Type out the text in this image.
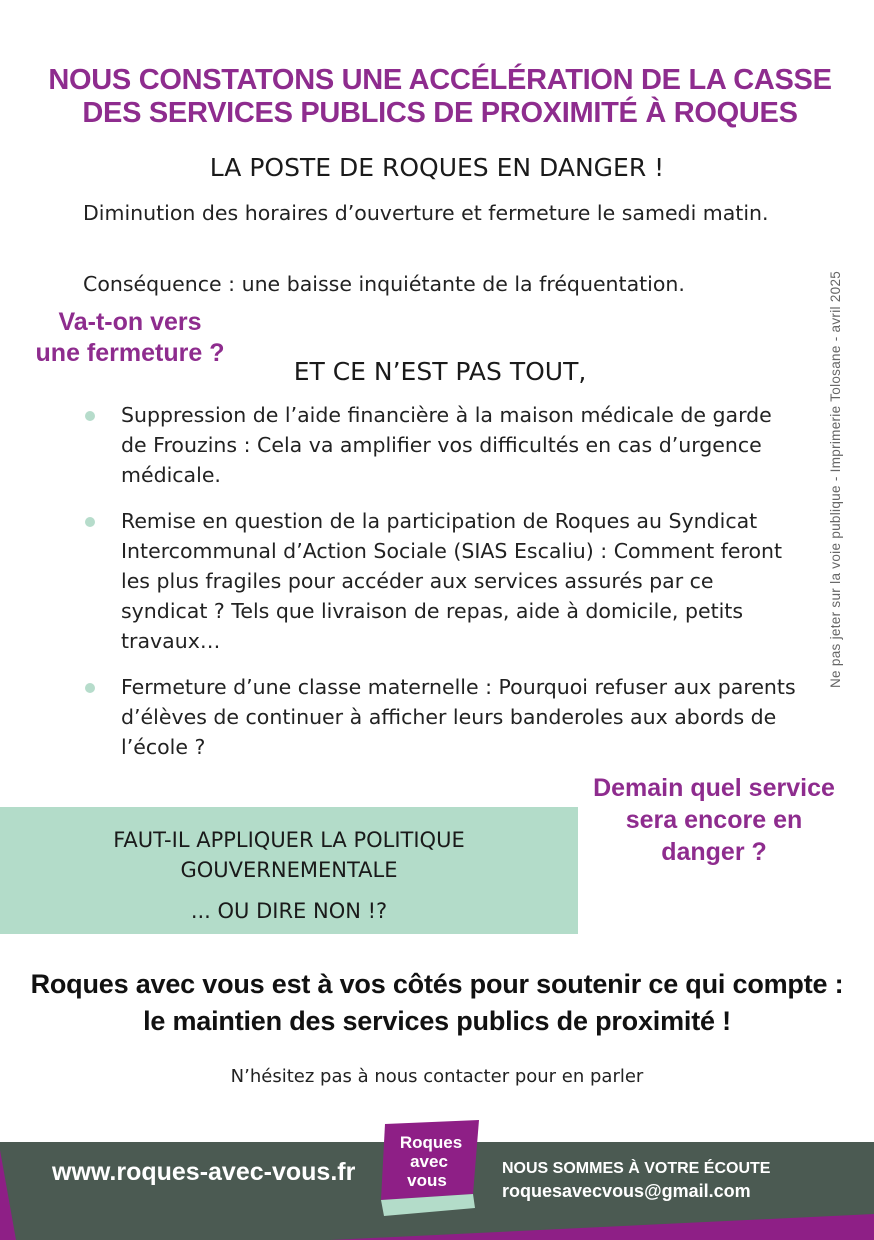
NOUS CONSTATONS UNE ACCÉLÉRATION DE LA CASSE
DES SERVICES PUBLICS DE PROXIMITÉ À ROQUES
LA POSTE DE ROQUES EN DANGER !
Diminution des horaires d’ouverture et fermeture le samedi matin.
Conséquence : une baisse inquiétante de la fréquentation.
Va-t-on vers
une fermeture ?
ET CE N’EST PAS TOUT,
Suppression de l’aide financière à la maison médicale de garde de Frouzins : Cela va amplifier vos difficultés en cas d’urgence médicale.
Remise en question de la participation de Roques au Syndicat Intercommunal d’Action Sociale (SIAS Escaliu) : Comment feront les plus fragiles pour accéder aux services assurés par ce syndicat ? Tels que livraison de repas, aide à domicile, petits travaux…
Fermeture d’une classe maternelle : Pourquoi refuser aux parents d’élèves de continuer à afficher leurs banderoles aux abords de l’école ?
Demain quel service
sera encore en
danger ?
FAUT-IL APPLIQUER LA POLITIQUE
GOUVERNEMENTALE
... OU DIRE NON !?
Roques avec vous est à vos côtés pour soutenir ce qui compte :
le maintien des services publics de proximité !
N’hésitez pas à nous contacter pour en parler
Ne pas jeter sur la voie publique - Imprimerie Tolosane - avril 2025
www.roques-avec-vous.fr
Roques
avec
vous
NOUS SOMMES À VOTRE ÉCOUTE
roquesavecvous@gmail.com
